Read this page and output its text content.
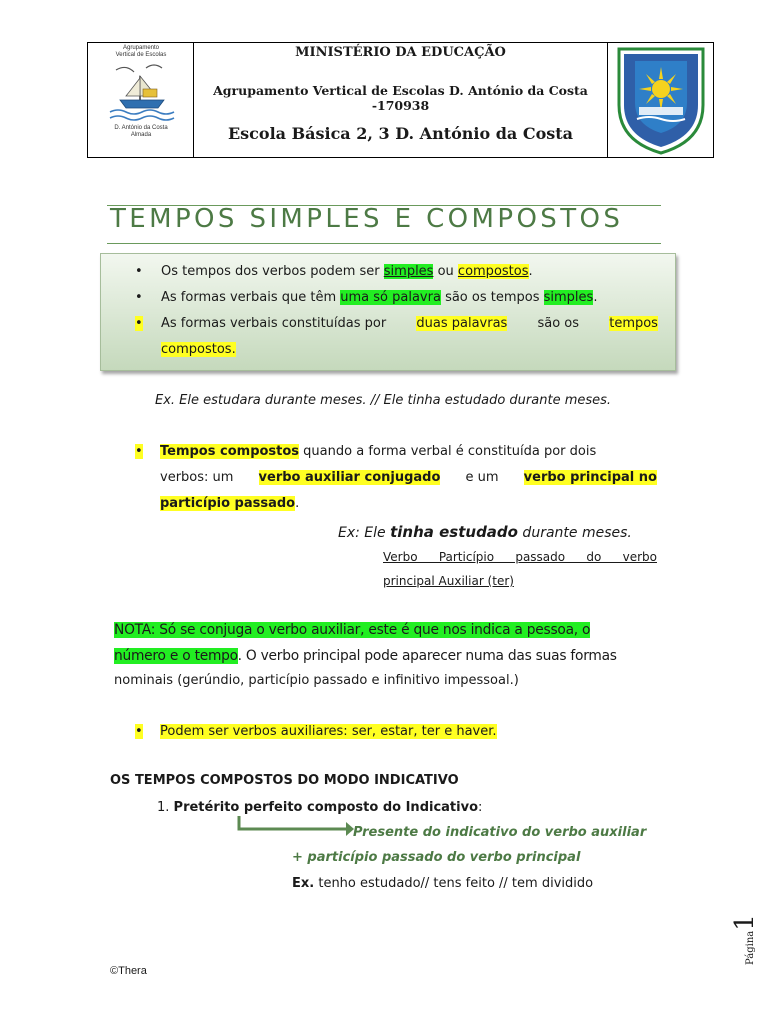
Agrupamento
Vertical de Escolas
D. António da Costa
Almada
MINISTÉRIO DA EDUCAÇÃO
Agrupamento Vertical de Escolas D. António da Costa -170938
Escola Básica 2, 3 D. António da Costa
TEMPOS SIMPLES E COMPOSTOS
• Os tempos dos verbos podem ser simples ou compostos.
• As formas verbais que têm uma só palavra são os tempos simples.
• As formas verbais constituídas por duas palavras são os tempos
compostos.
Ex. Ele estudara durante meses. // Ele tinha estudado durante meses.
• Tempos compostos quando a forma verbal é constituída por dois
verbos: um verbo auxiliar conjugado e um verbo principal no
particípio passado.
Ex: Ele tinha estudado durante meses.
Verbo Particípio passado do verbo
principal Auxiliar (ter)
NOTA: Só se conjuga o verbo auxiliar, este é que nos indica a pessoa, o
número e o tempo. O verbo principal pode aparecer numa das suas formas
nominais (gerúndio, particípio passado e infinitivo impessoal.)
• Podem ser verbos auxiliares: ser, estar, ter e haver.
OS TEMPOS COMPOSTOS DO MODO INDICATIVO
1. Pretérito perfeito composto do Indicativo:
Presente do indicativo do verbo auxiliar
+ particípio passado do verbo principal
Ex. tenho estudado// tens feito // tem dividido
©Thera
Página1
